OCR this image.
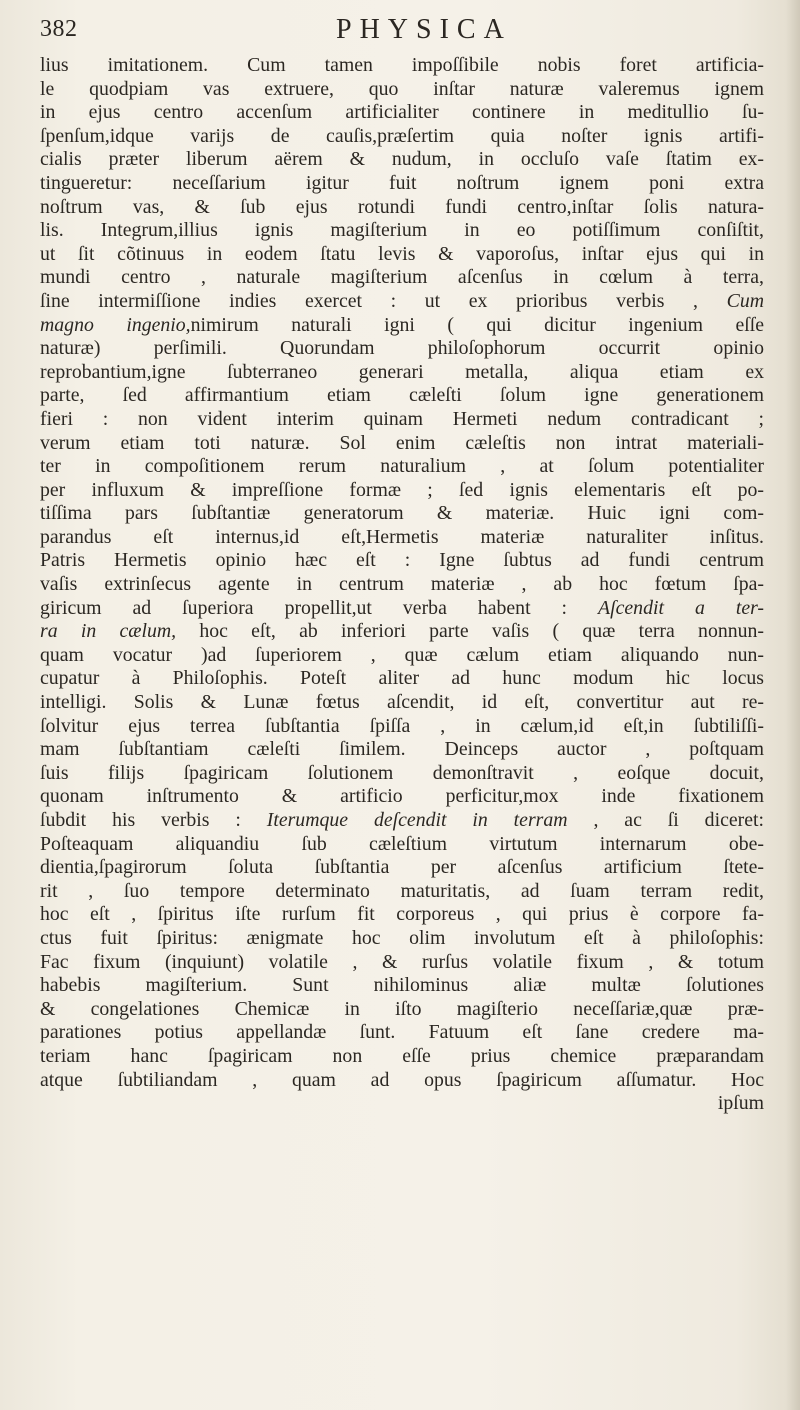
382	PHYSICA
lius imitationem. Cum tamen impoſſibile nobis foret artificia-
le quodpiam vas extruere, quo inſtar naturæ valeremus ignem
in ejus centro accenſum artificialiter continere in meditullio ſu-
ſpenſum,idque varijs de cauſis,præſertim quia noſter ignis artifi-
cialis præter liberum aërem & nudum, in occluſo vaſe ſtatim ex-
tingueretur: neceſſarium igitur fuit noſtrum ignem poni extra
noſtrum vas, & ſub ejus rotundi fundi centro,inſtar ſolis natura-
lis. Integrum,illius ignis magiſterium in eo potiſſimum conſiſtit,
ut ſit cõtinuus in eodem ſtatu levis & vaporoſus, inſtar ejus qui in
mundi centro , naturale magiſterium aſcenſus in cœlum à terra,
ſine intermiſſione indies exercet : ut ex prioribus verbis , Cum
magno ingenio,nimirum naturali igni ( qui dicitur ingenium eſſe
naturæ) perſimili. Quorundam philoſophorum occurrit opinio
reprobantium,igne ſubterraneo generari metalla, aliqua etiam ex
parte, ſed affirmantium etiam cæleſti ſolum igne generationem
fieri : non vident interim quinam Hermeti nedum contradicant ;
verum etiam toti naturæ. Sol enim cæleſtis non intrat materiali-
ter in compoſitionem rerum naturalium , at ſolum potentialiter
per influxum & impreſſione formæ ; ſed ignis elementaris eſt po-
tiſſima pars ſubſtantiæ generatorum & materiæ. Huic igni com-
parandus eſt internus,id eſt,Hermetis materiæ naturaliter inſitus.
Patris Hermetis opinio hæc eſt : Igne ſubtus ad fundi centrum
vaſis extrinſecus agente in centrum materiæ , ab hoc fœtum ſpa-
giricum ad ſuperiora propellit,ut verba habent : Aſcendit a ter-
ra in cælum, hoc eſt, ab inferiori parte vaſis ( quæ terra nonnun-
quam vocatur )ad ſuperiorem , quæ cælum etiam aliquando nun-
cupatur à Philoſophis. Poteſt aliter ad hunc modum hic locus
intelligi. Solis & Lunæ fœtus aſcendit, id eſt, convertitur aut re-
ſolvitur ejus terrea ſubſtantia ſpiſſa , in cælum,id eſt,in ſubtiliſſi-
mam ſubſtantiam cæleſti ſimilem. Deinceps auctor , poſtquam
ſuis filijs ſpagiricam ſolutionem demonſtravit , eoſque docuit,
quonam inſtrumento & artificio perficitur,mox inde fixationem
ſubdit his verbis : Iterumque deſcendit in terram , ac ſi diceret:
Poſteaquam aliquandiu ſub cæleſtium virtutum internarum obe-
dientia,ſpagirorum ſoluta ſubſtantia per aſcenſus artificium ſtete-
rit , ſuo tempore determinato maturitatis, ad ſuam terram redit,
hoc eſt , ſpiritus iſte rurſum fit corporeus , qui prius è corpore fa-
ctus fuit ſpiritus: ænigmate hoc olim involutum eſt à philoſophis:
Fac fixum (inquiunt) volatile , & rurſus volatile fixum , & totum
habebis magiſterium. Sunt nihilominus aliæ multæ ſolutiones
& congelationes Chemicæ in iſto magiſterio neceſſariæ,quæ præ-
parationes potius appellandæ ſunt. Fatuum eſt ſane credere ma-
teriam hanc ſpagiricam non eſſe prius chemice præparandam
atque ſubtiliandam , quam ad opus ſpagiricum aſſumatur. Hoc
ipſum
